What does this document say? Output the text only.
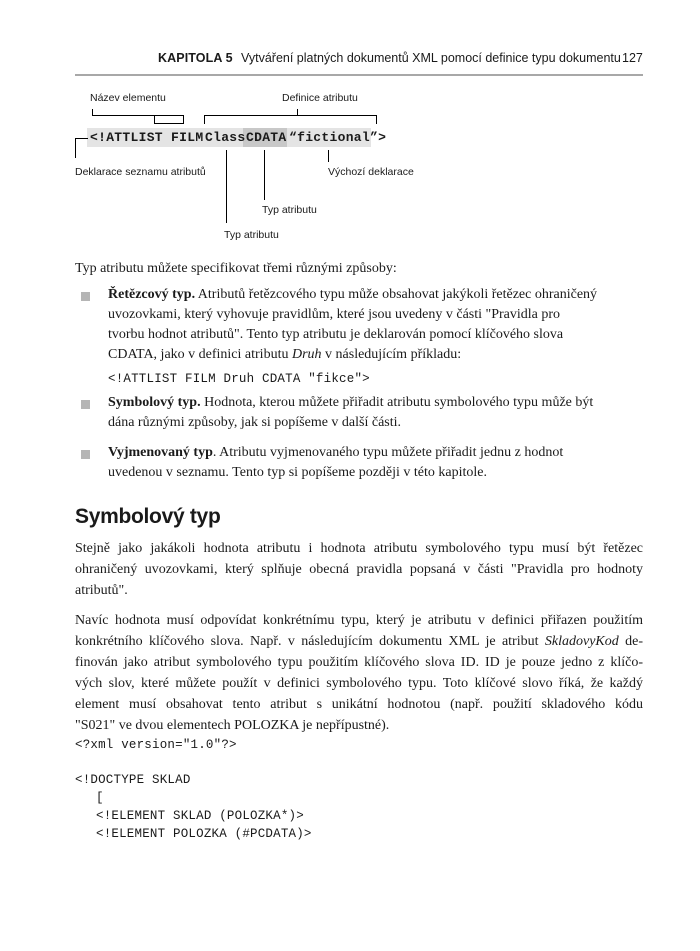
KAPITOLA 5 Vytváření platných dokumentů XML pomocí definice typu dokumentu 127
<!ATTLIST FILM Class CDATA “fictional”>
Název elementu	Definice atributu
Deklarace seznamu atributů	Výchozí deklarace
Typ atributu
Typ atributu
Typ atributu můžete specifikovat třemi různými způsoby:
Řetězcový typ. Atributů řetězcového typu může obsahovat jakýkoli řetězec ohraničený
uvozovkami, který vyhovuje pravidlům, které jsou uvedeny v části "Pravidla pro
tvorbu hodnot atributů". Tento typ atributu je deklarován pomocí klíčového slova
CDATA, jako v definici atributu Druh v následujícím příkladu:
<!ATTLIST FILM Druh CDATA "fikce">
Symbolový typ. Hodnota, kterou můžete přiřadit atributu symbolového typu může být
dána různými způsoby, jak si popíšeme v další části.
Vyjmenovaný typ. Atributu vyjmenovaného typu můžete přiřadit jednu z hodnot
uvedenou v seznamu. Tento typ si popíšeme později v této kapitole.
Symbolový typ
Stejně jako jakákoli hodnota atributu i hodnota atributu symbolového typu musí být řetězec
ohraničený uvozovkami, který splňuje obecná pravidla popsaná v části "Pravidla pro hodnoty
atributů".
Navíc hodnota musí odpovídat konkrétnímu typu, který je atributu v definici přiřazen použitím
konkrétního klíčového slova. Např. v následujícím dokumentu XML je atribut SkladovyKod de-
finován jako atribut symbolového typu použitím klíčového slova ID. ID je pouze jedno z klíčo-
vých slov, které můžete použít v definici symbolového typu. Toto klíčové slovo říká, že každý
element musí obsahovat tento atribut s unikátní hodnotou (např. použití skladového kódu
"S021" ve dvou elementech POLOZKA je nepřípustné).
<?xml version="1.0"?>
<!DOCTYPE SKLAD
[
<!ELEMENT SKLAD (POLOZKA*)>
<!ELEMENT POLOZKA (#PCDATA)>
